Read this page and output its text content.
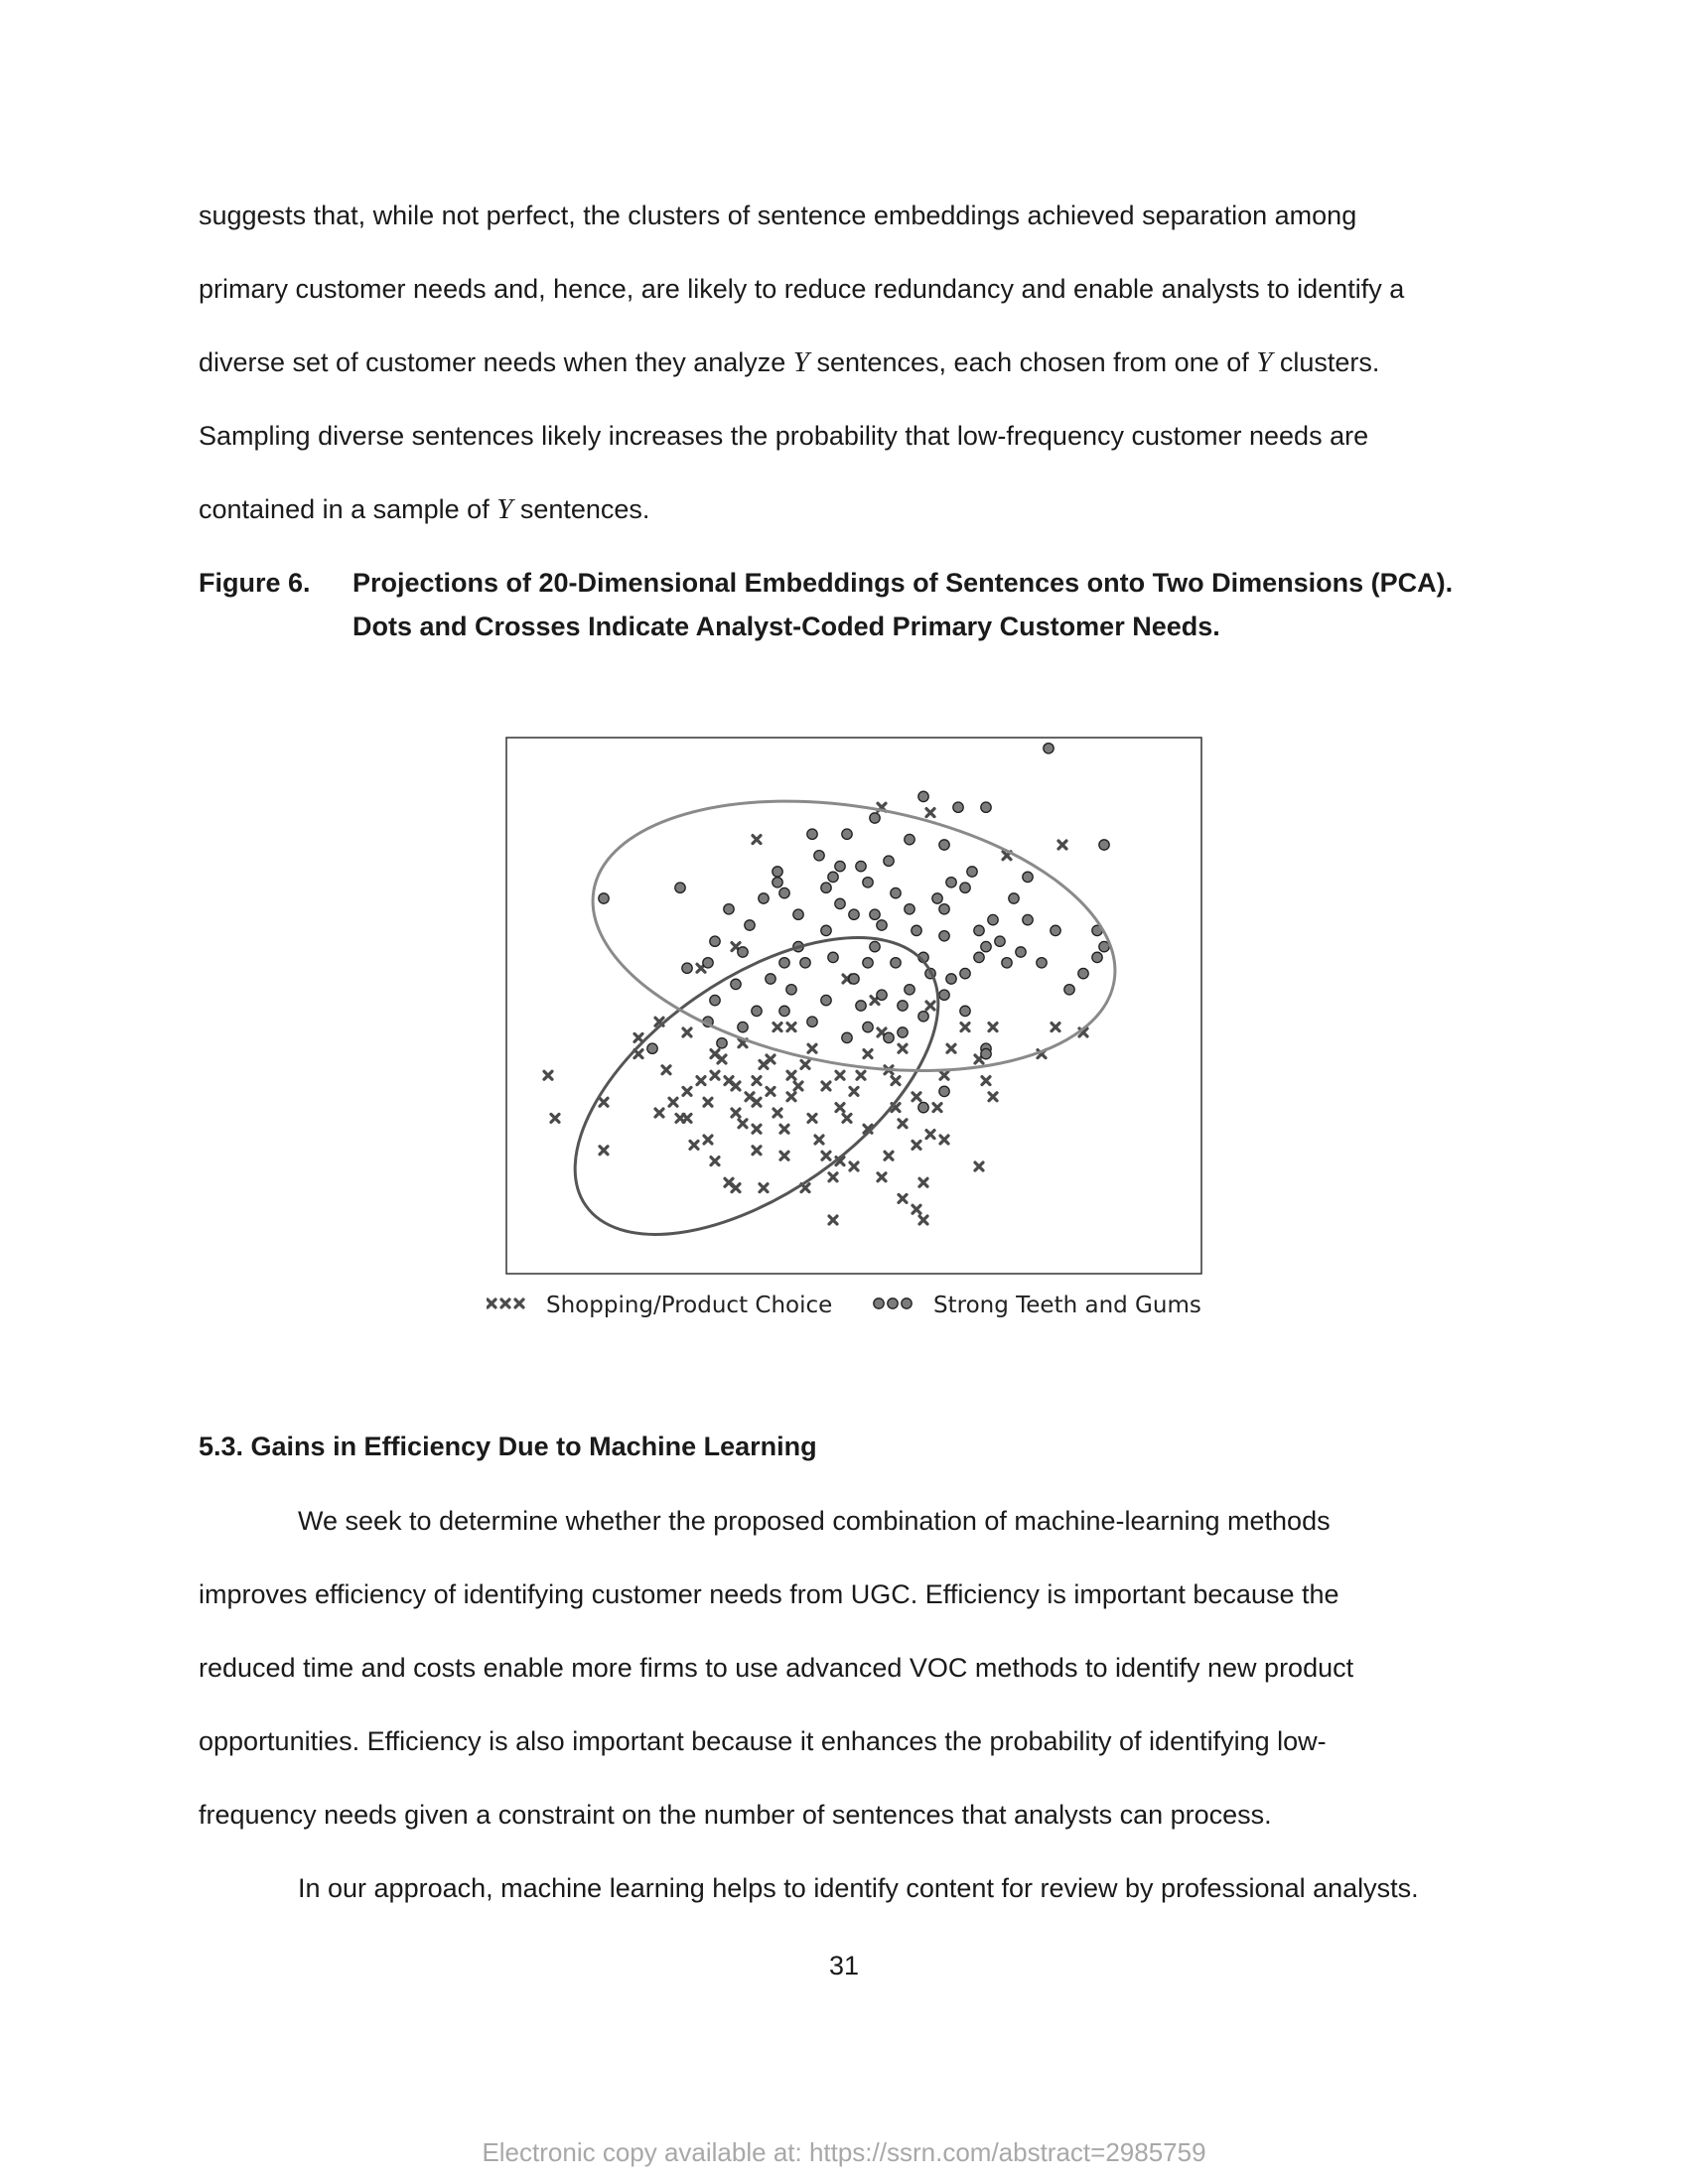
suggests that, while not perfect, the clusters of sentence embeddings achieved separation among
primary customer needs and, hence, are likely to reduce redundancy and enable analysts to identify a
diverse set of customer needs when they analyze Y sentences, each chosen from one of Y clusters.
Sampling diverse sentences likely increases the probability that low-frequency customer needs are
contained in a sample of Y sentences.
Figure 6. Projections of 20-Dimensional Embeddings of Sentences onto Two Dimensions (PCA).
Dots and Crosses Indicate Analyst-Coded Primary Customer Needs.
Shopping/Product Choice	Strong Teeth and Gums
5.3. Gains in Efficiency Due to Machine Learning
We seek to determine whether the proposed combination of machine-learning methods
improves efficiency of identifying customer needs from UGC. Efficiency is important because the
reduced time and costs enable more firms to use advanced VOC methods to identify new product
opportunities. Efficiency is also important because it enhances the probability of identifying low-
frequency needs given a constraint on the number of sentences that analysts can process.
In our approach, machine learning helps to identify content for review by professional analysts.
31
Electronic copy available at: https://ssrn.com/abstract=2985759
